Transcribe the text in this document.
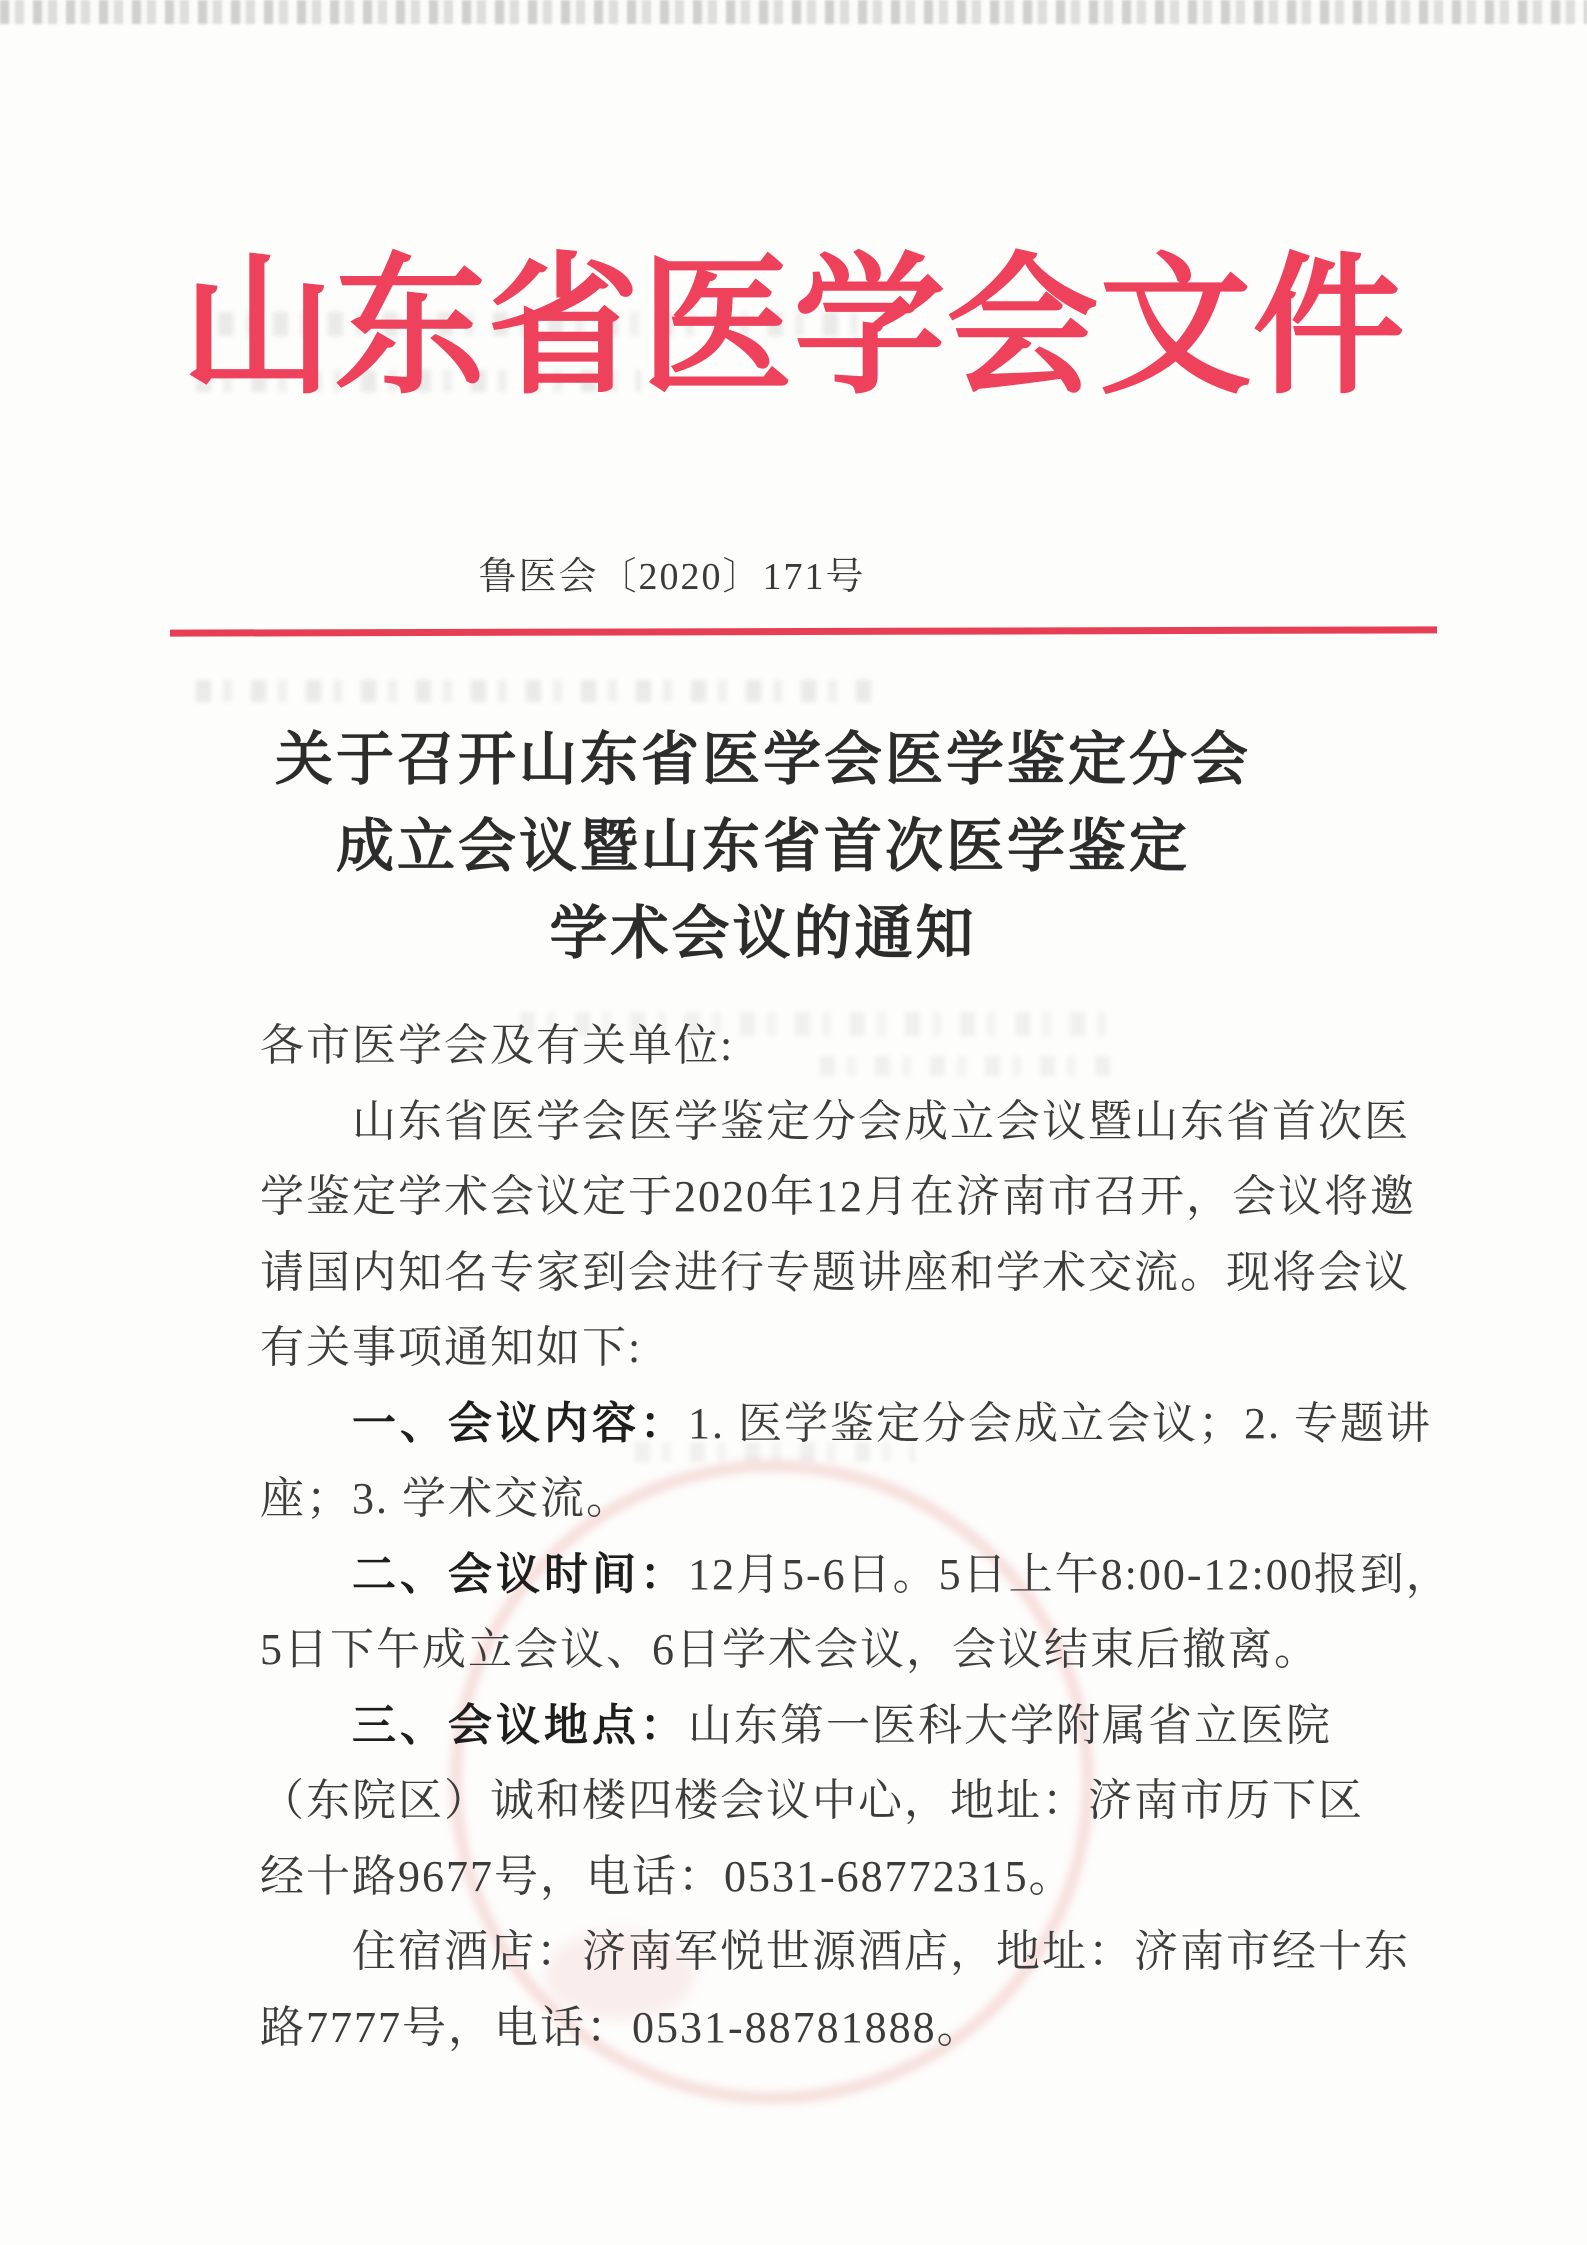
山东省医学会文件
鲁医会〔2020〕171号
关于召开山东省医学会医学鉴定分会
成立会议暨山东省首次医学鉴定
学术会议的通知
各市医学会及有关单位:
山东省医学会医学鉴定分会成立会议暨山东省首次医
学鉴定学术会议定于2020年12月在济南市召开，会议将邀
请国内知名专家到会进行专题讲座和学术交流。现将会议
有关事项通知如下:
一、会议内容：1. 医学鉴定分会成立会议；2. 专题讲
座；3. 学术交流。
二、会议时间：12月5-6日。5日上午8:00-12:00报到，
5日下午成立会议、6日学术会议，会议结束后撤离。
三、会议地点：山东第一医科大学附属省立医院
（东院区）诚和楼四楼会议中心，地址：济南市历下区
经十路9677号，电话：0531-68772315。
住宿酒店：济南军悦世源酒店，地址：济南市经十东
路7777号，电话：0531-88781888。
